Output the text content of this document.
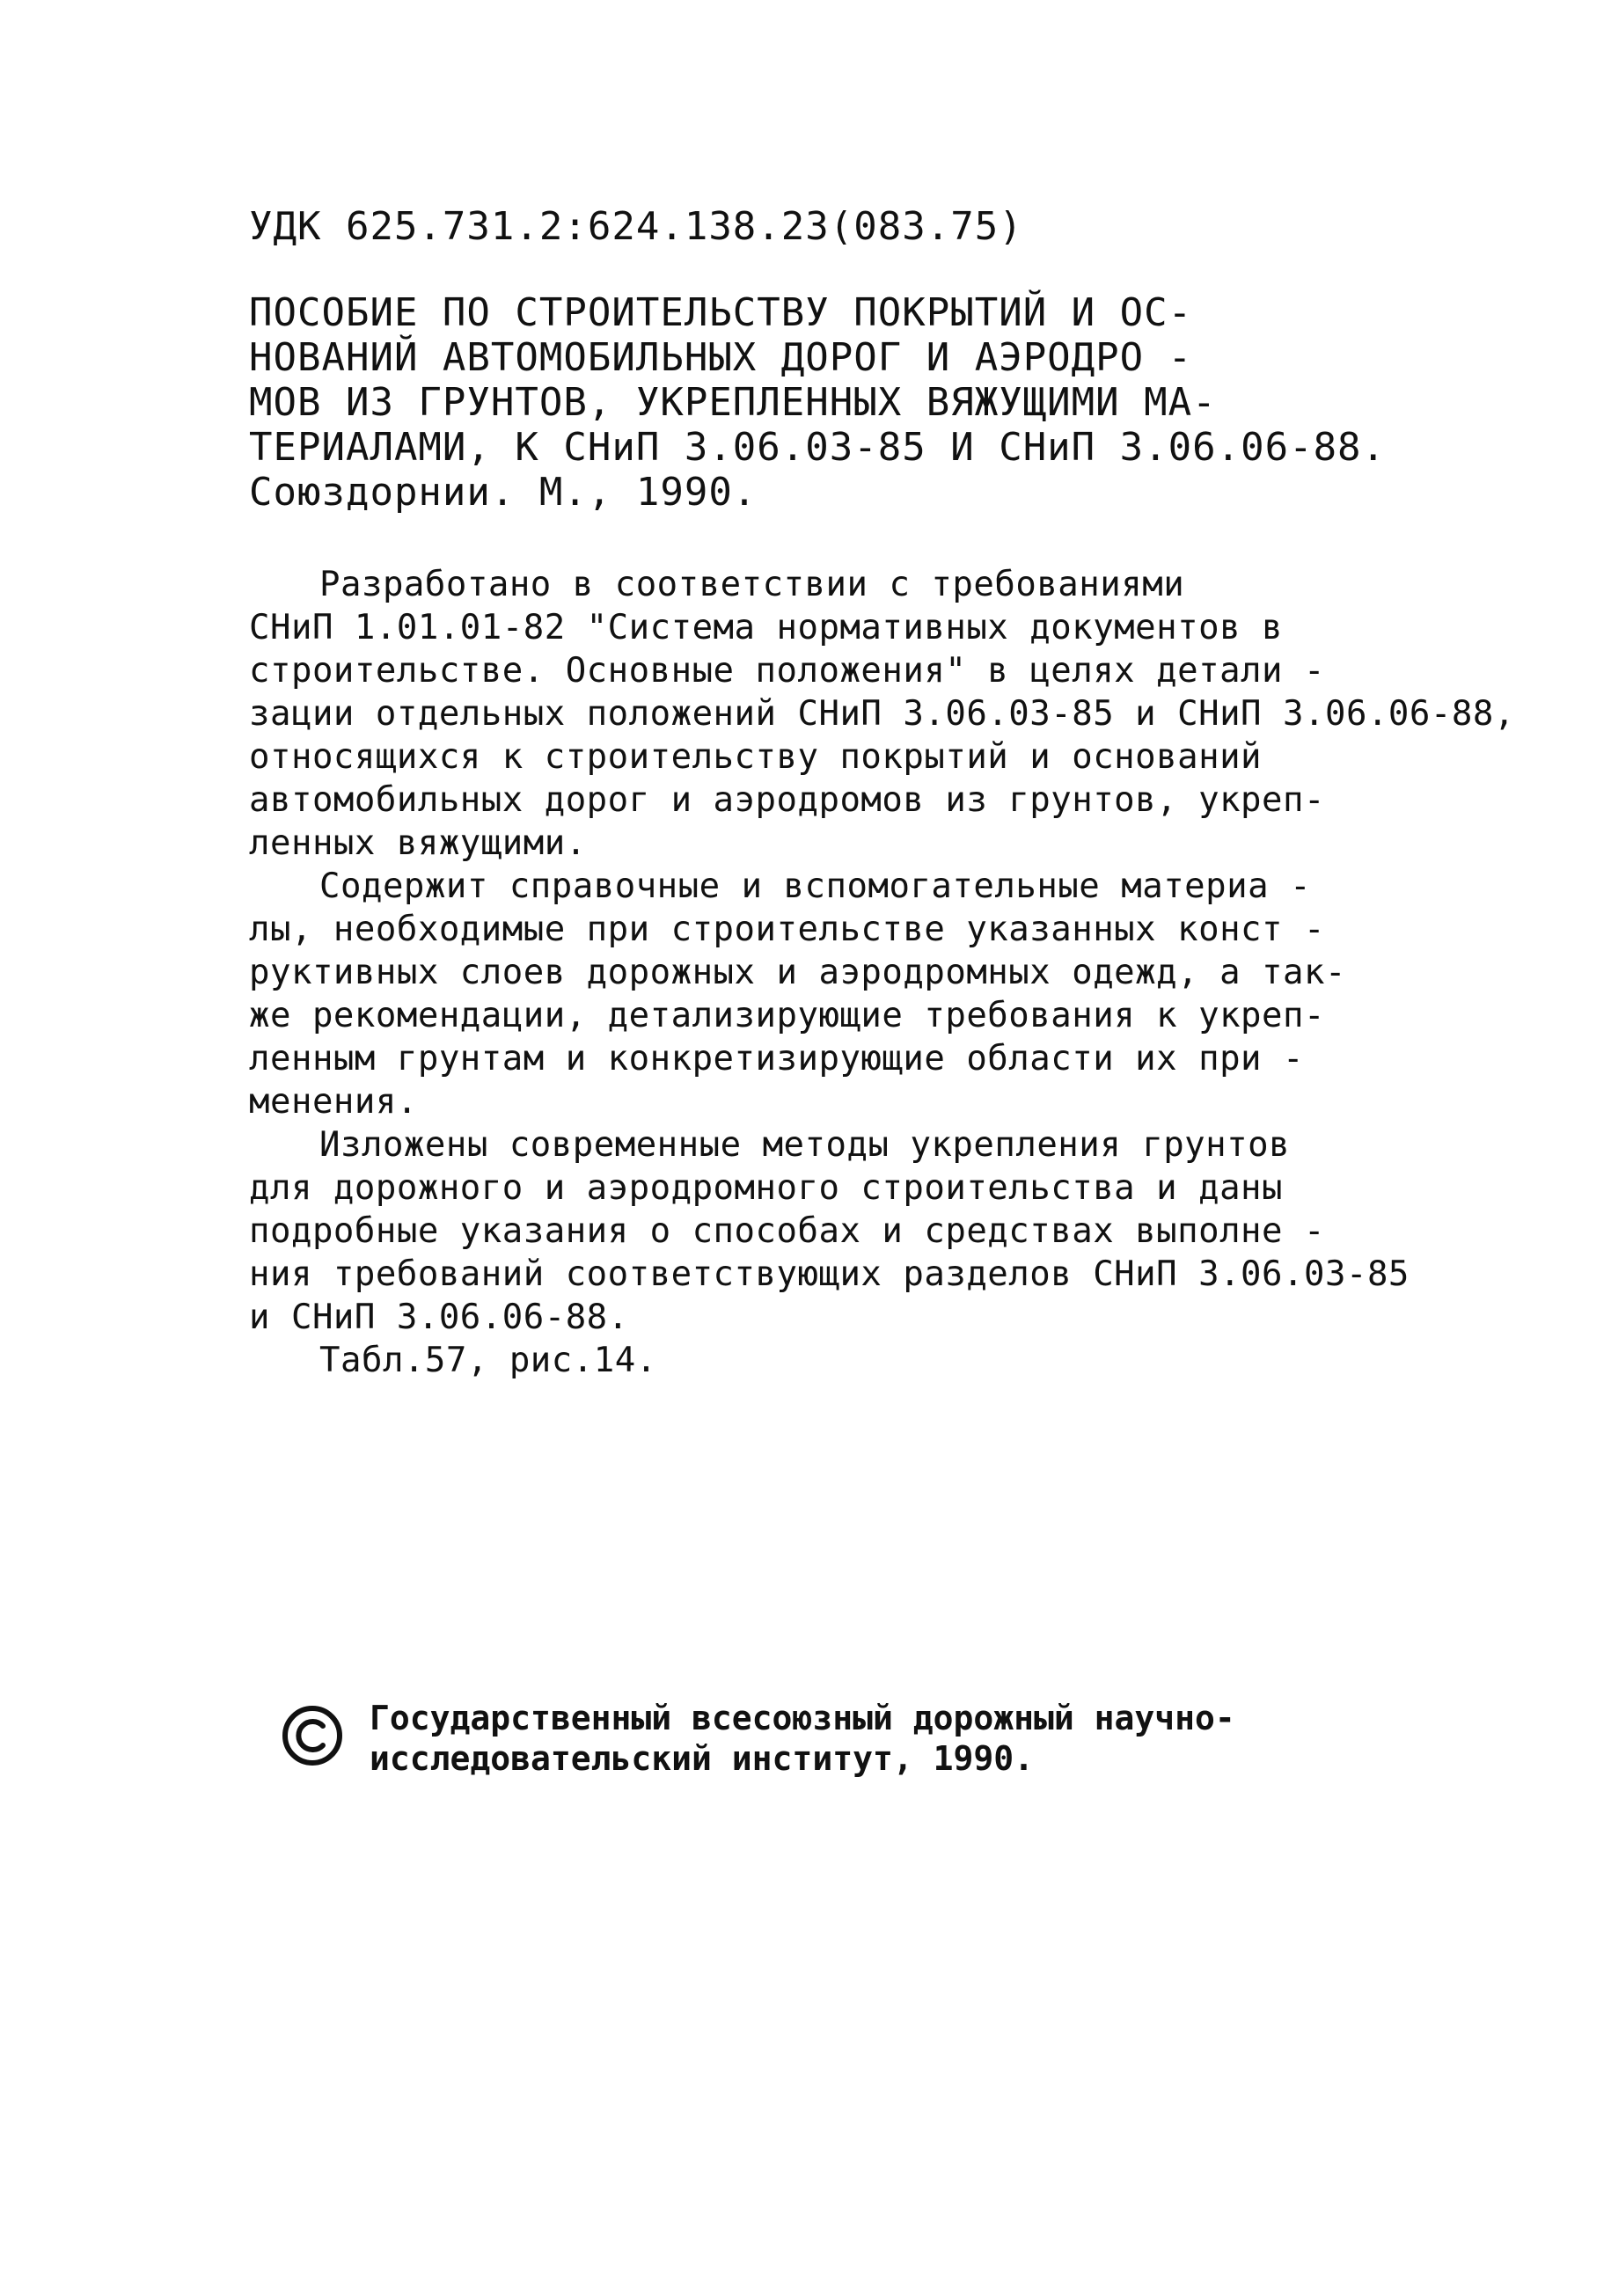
УДК 625.731.2:624.138.23(083.75)
ПОСОБИЕ ПО СТРОИТЕЛЬСТВУ ПОКРЫТИЙ И ОС-
НОВАНИЙ АВТОМОБИЛЬНЫХ ДОРОГ И АЭРОДРО -
МОВ ИЗ ГРУНТОВ, УКРЕПЛЕННЫХ ВЯЖУЩИМИ МА-
ТЕРИАЛАМИ, К СНиП 3.06.03-85 И СНиП 3.06.06-88.
Союздорнии. М., 1990.
Разработано в соответствии с требованиями
СНиП 1.01.01-82 "Система нормативных документов в
строительстве. Основные положения" в целях детали -
зации отдельных положений СНиП 3.06.03-85 и СНиП 3.06.06-88,
относящихся к строительству покрытий и оснований
автомобильных дорог и аэродромов из грунтов, укреп-
ленных вяжущими.
Содержит справочные и вспомогательные материа -
лы, необходимые при строительстве указанных конст -
руктивных слоев дорожных и аэродромных одежд, а так-
же рекомендации, детализирующие требования к укреп-
ленным грунтам и конкретизирующие области их при -
менения.
Изложены современные методы укрепления грунтов
для дорожного и аэродромного строительства и даны
подробные указания о способах и средствах выполне -
ния требований соответствующих разделов СНиП 3.06.03-85
и СНиП 3.06.06-88.
Табл.57, рис.14.
Государственный всесоюзный дорожный научно-
исследовательский институт, 1990.
